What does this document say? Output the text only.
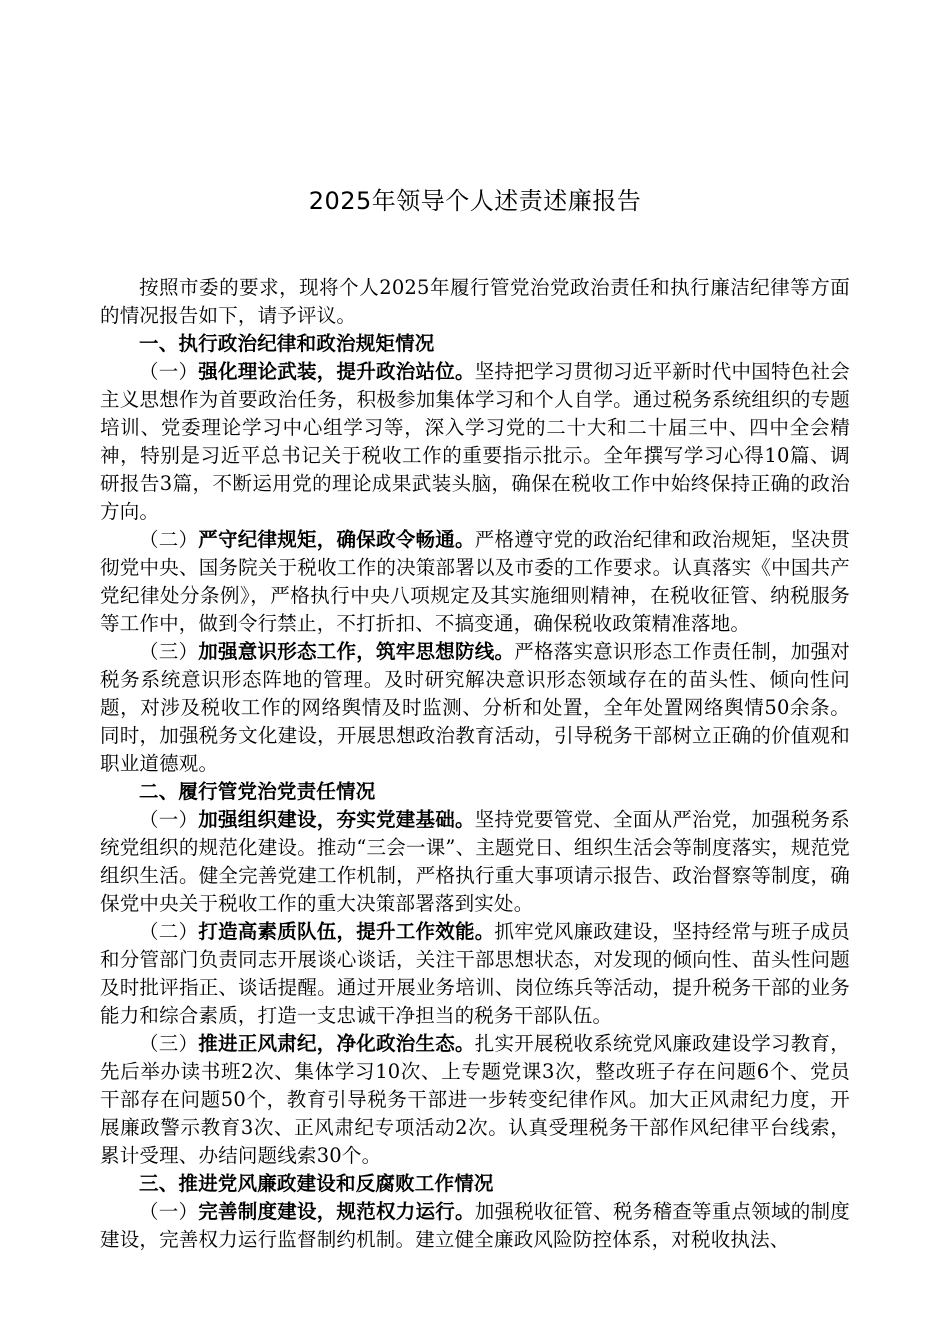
2025年领导个人述责述廉报告

按照市委的要求，现将个人2025年履行管党治党政治责任和执行廉洁纪律等方面的情况报告如下，请予评议。

一、执行政治纪律和政治规矩情况

（一）强化理论武装，提升政治站位。坚持把学习贯彻习近平新时代中国特色社会主义思想作为首要政治任务，积极参加集体学习和个人自学。通过税务系统组织的专题培训、党委理论学习中心组学习等，深入学习党的二十大和二十届三中、四中全会精神，特别是习近平总书记关于税收工作的重要指示批示。全年撰写学习心得10篇、调研报告3篇，不断运用党的理论成果武装头脑，确保在税收工作中始终保持正确的政治方向。

（二）严守纪律规矩，确保政令畅通。严格遵守党的政治纪律和政治规矩，坚决贯彻党中央、国务院关于税收工作的决策部署以及市委的工作要求。认真落实《中国共产党纪律处分条例》，严格执行中央八项规定及其实施细则精神，在税收征管、纳税服务等工作中，做到令行禁止，不打折扣、不搞变通，确保税收政策精准落地。

（三）加强意识形态工作，筑牢思想防线。严格落实意识形态工作责任制，加强对税务系统意识形态阵地的管理。及时研究解决意识形态领域存在的苗头性、倾向性问题，对涉及税收工作的网络舆情及时监测、分析和处置，全年处置网络舆情50余条。同时，加强税务文化建设，开展思想政治教育活动，引导税务干部树立正确的价值观和职业道德观。

二、履行管党治党责任情况

（一）加强组织建设，夯实党建基础。坚持党要管党、全面从严治党，加强税务系统党组织的规范化建设。推动“三会一课”、主题党日、组织生活会等制度落实，规范党组织生活。健全完善党建工作机制，严格执行重大事项请示报告、政治督察等制度，确保党中央关于税收工作的重大决策部署落到实处。

（二）打造高素质队伍，提升工作效能。抓牢党风廉政建设，坚持经常与班子成员和分管部门负责同志开展谈心谈话，关注干部思想状态，对发现的倾向性、苗头性问题及时批评指正、谈话提醒。通过开展业务培训、岗位练兵等活动，提升税务干部的业务能力和综合素质，打造一支忠诚干净担当的税务干部队伍。

（三）推进正风肃纪，净化政治生态。扎实开展税收系统党风廉政建设学习教育，先后举办读书班2次、集体学习10次、上专题党课3次，整改班子存在问题6个、党员干部存在问题50个，教育引导税务干部进一步转变纪律作风。加大正风肃纪力度，开展廉政警示教育3次、正风肃纪专项活动2次。认真受理税务干部作风纪律平台线索，累计受理、办结问题线索30个。

三、推进党风廉政建设和反腐败工作情况

（一）完善制度建设，规范权力运行。加强税收征管、税务稽查等重点领域的制度建设，完善权力运行监督制约机制。建立健全廉政风险防控体系，对税收执法、
